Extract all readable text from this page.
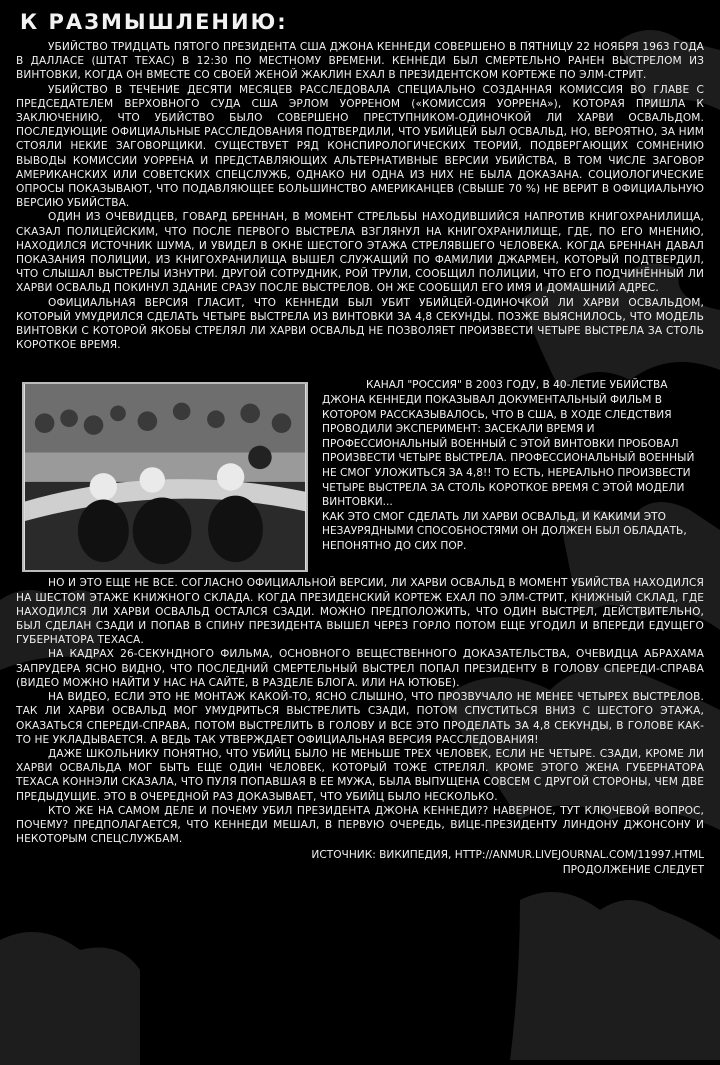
К РАЗМЫШЛЕНИЮ:

УБИЙСТВО ТРИДЦАТЬ ПЯТОГО ПРЕЗИДЕНТА США ДЖОНА КЕННЕДИ СОВЕРШЕНО В ПЯТНИЦУ 22 НОЯБРЯ 1963 ГОДА В ДАЛЛАСЕ (ШТАТ ТЕХАС) В 12:30 ПО МЕСТНОМУ ВРЕМЕНИ. КЕННЕДИ БЫЛ СМЕРТЕЛЬНО РАНЕН ВЫСТРЕЛОМ ИЗ ВИНТОВКИ, КОГДА ОН ВМЕСТЕ СО СВОЕЙ ЖЕНОЙ ЖАКЛИН ЕХАЛ В ПРЕЗИДЕНТСКОМ КОРТЕЖЕ ПО ЭЛМ-СТРИТ.

УБИЙСТВО В ТЕЧЕНИЕ ДЕСЯТИ МЕСЯЦЕВ РАССЛЕДОВАЛА СПЕЦИАЛЬНО СОЗДАННАЯ КОМИССИЯ ВО ГЛАВЕ С ПРЕДСЕДАТЕЛЕМ ВЕРХОВНОГО СУДА США ЭРЛОМ УОРРЕНОМ («КОМИССИЯ УОРРЕНА»), КОТОРАЯ ПРИШЛА К ЗАКЛЮЧЕНИЮ, ЧТО УБИЙСТВО БЫЛО СОВЕРШЕНО ПРЕСТУПНИКОМ-ОДИНОЧКОЙ ЛИ ХАРВИ ОСВАЛЬДОМ. ПОСЛЕДУЮЩИЕ ОФИЦИАЛЬНЫЕ РАССЛЕДОВАНИЯ ПОДТВЕРДИЛИ, ЧТО УБИЙЦЕЙ БЫЛ ОСВАЛЬД, НО, ВЕРОЯТНО, ЗА НИМ СТОЯЛИ НЕКИЕ ЗАГОВОРЩИКИ. СУЩЕСТВУЕТ РЯД КОНСПИРОЛОГИЧЕСКИХ ТЕОРИЙ, ПОДВЕРГАЮЩИХ СОМНЕНИЮ ВЫВОДЫ КОМИССИИ УОРРЕНА И ПРЕДСТАВЛЯЮЩИХ АЛЬТЕРНАТИВНЫЕ ВЕРСИИ УБИЙСТВА, В ТОМ ЧИСЛЕ ЗАГОВОР АМЕРИКАНСКИХ ИЛИ СОВЕТСКИХ СПЕЦСЛУЖБ, ОДНАКО НИ ОДНА ИЗ НИХ НЕ БЫЛА ДОКАЗАНА. СОЦИОЛОГИЧЕСКИЕ ОПРОСЫ ПОКАЗЫВАЮТ, ЧТО ПОДАВЛЯЮЩЕЕ БОЛЬШИНСТВО АМЕРИКАНЦЕВ (СВЫШЕ 70 %) НЕ ВЕРИТ В ОФИЦИАЛЬНУЮ ВЕРСИЮ УБИЙСТВА.

ОДИН ИЗ ОЧЕВИДЦЕВ, ГОВАРД БРЕННАН, В МОМЕНТ СТРЕЛЬБЫ НАХОДИВШИЙСЯ НАПРОТИВ КНИГОХРАНИЛИЩА, СКАЗАЛ ПОЛИЦЕЙСКИМ, ЧТО ПОСЛЕ ПЕРВОГО ВЫСТРЕЛА ВЗГЛЯНУЛ НА КНИГОХРАНИЛИЩЕ, ГДЕ, ПО ЕГО МНЕНИЮ, НАХОДИЛСЯ ИСТОЧНИК ШУМА, И УВИДЕЛ В ОКНЕ ШЕСТОГО ЭТАЖА СТРЕЛЯВШЕГО ЧЕЛОВЕКА. КОГДА БРЕННАН ДАВАЛ ПОКАЗАНИЯ ПОЛИЦИИ, ИЗ КНИГОХРАНИЛИЩА ВЫШЕЛ СЛУЖАЩИЙ ПО ФАМИЛИИ ДЖАРМЕН, КОТОРЫЙ ПОДТВЕРДИЛ, ЧТО СЛЫШАЛ ВЫСТРЕЛЫ ИЗНУТРИ. ДРУГОЙ СОТРУДНИК, РОЙ ТРУЛИ, СООБЩИЛ ПОЛИЦИИ, ЧТО ЕГО ПОДЧИНЁННЫЙ ЛИ ХАРВИ ОСВАЛЬД ПОКИНУЛ ЗДАНИЕ СРАЗУ ПОСЛЕ ВЫСТРЕЛОВ. ОН ЖЕ СООБЩИЛ ЕГО ИМЯ И ДОМАШНИЙ АДРЕС.

ОФИЦИАЛЬНАЯ ВЕРСИЯ ГЛАСИТ, ЧТО КЕННЕДИ БЫЛ УБИТ УБИЙЦЕЙ-ОДИНОЧКОЙ ЛИ ХАРВИ ОСВАЛЬДОМ, КОТОРЫЙ УМУДРИЛСЯ СДЕЛАТЬ ЧЕТЫРЕ ВЫСТРЕЛА ИЗ ВИНТОВКИ ЗА 4,8 СЕКУНДЫ. ПОЗЖЕ ВЫЯСНИЛОСЬ, ЧТО МОДЕЛЬ ВИНТОВКИ С КОТОРОЙ ЯКОБЫ СТРЕЛЯЛ ЛИ ХАРВИ ОСВАЛЬД НЕ ПОЗВОЛЯЕТ ПРОИЗВЕСТИ ЧЕТЫРЕ ВЫСТРЕЛА ЗА СТОЛЬ КОРОТКОЕ ВРЕМЯ.

КАНАЛ "РОССИЯ" В 2003 ГОДУ, В 40-ЛЕТИЕ УБИЙСТВА ДЖОНА КЕННЕДИ ПОКАЗЫВАЛ ДОКУМЕНТАЛЬНЫЙ ФИЛЬМ В КОТОРОМ РАССКАЗЫВАЛОСЬ, ЧТО В США, В ХОДЕ СЛЕДСТВИЯ ПРОВОДИЛИ ЭКСПЕРИМЕНТ: ЗАСЕКАЛИ ВРЕМЯ И ПРОФЕССИОНАЛЬНЫЙ ВОЕННЫЙ С ЭТОЙ ВИНТОВКИ ПРОБОВАЛ ПРОИЗВЕСТИ ЧЕТЫРЕ ВЫСТРЕЛА. ПРОФЕССИОНАЛЬНЫЙ ВОЕННЫЙ НЕ СМОГ УЛОЖИТЬСЯ ЗА 4,8!! ТО ЕСТЬ, НЕРЕАЛЬНО ПРОИЗВЕСТИ ЧЕТЫРЕ ВЫСТРЕЛА ЗА СТОЛЬ КОРОТКОЕ ВРЕМЯ С ЭТОЙ МОДЕЛИ ВИНТОВКИ...

КАК ЭТО СМОГ СДЕЛАТЬ ЛИ ХАРВИ ОСВАЛЬД, И КАКИМИ ЭТО НЕЗАУРЯДНЫМИ СПОСОБНОСТЯМИ ОН ДОЛЖЕН БЫЛ ОБЛАДАТЬ, НЕПОНЯТНО ДО СИХ ПОР.

НО И ЭТО ЕЩЕ НЕ ВСЕ. СОГЛАСНО ОФИЦИАЛЬНОЙ ВЕРСИИ, ЛИ ХАРВИ ОСВАЛЬД В МОМЕНТ УБИЙСТВА НАХОДИЛСЯ НА ШЕСТОМ ЭТАЖЕ КНИЖНОГО СКЛАДА. КОГДА ПРЕЗИДЕНСКИЙ КОРТЕЖ ЕХАЛ ПО ЭЛМ-СТРИТ, КНИЖНЫЙ СКЛАД, ГДЕ НАХОДИЛСЯ ЛИ ХАРВИ ОСВАЛЬД ОСТАЛСЯ СЗАДИ. МОЖНО ПРЕДПОЛОЖИТЬ, ЧТО ОДИН ВЫСТРЕЛ, ДЕЙСТВИТЕЛЬНО, БЫЛ СДЕЛАН СЗАДИ И ПОПАВ В СПИНУ ПРЕЗИДЕНТА ВЫШЕЛ ЧЕРЕЗ ГОРЛО ПОТОМ ЕЩЕ УГОДИЛ И ВПЕРЕДИ ЕДУЩЕГО ГУБЕРНАТОРА ТЕХАСА.

НА КАДРАХ 26-СЕКУНДНОГО ФИЛЬМА, ОСНОВНОГО ВЕЩЕСТВЕННОГО ДОКАЗАТЕЛЬСТВА, ОЧЕВИДЦА АБРАХАМА ЗАПРУДЕРА ЯСНО ВИДНО, ЧТО ПОСЛЕДНИЙ СМЕРТЕЛЬНЫЙ ВЫСТРЕЛ ПОПАЛ ПРЕЗИДЕНТУ В ГОЛОВУ СПЕРЕДИ-СПРАВА (ВИДЕО МОЖНО НАЙТИ У НАС НА САЙТЕ, В РАЗДЕЛЕ БЛОГА. ИЛИ НА ЮТЮБЕ).

НА ВИДЕО, ЕСЛИ ЭТО НЕ МОНТАЖ КАКОЙ-ТО, ЯСНО СЛЫШНО, ЧТО ПРОЗВУЧАЛО НЕ МЕНЕЕ ЧЕТЫРЕХ ВЫСТРЕЛОВ. ТАК ЛИ ХАРВИ ОСВАЛЬД МОГ УМУДРИТЬСЯ ВЫСТРЕЛИТЬ СЗАДИ, ПОТОМ СПУСТИТЬСЯ ВНИЗ С ШЕСТОГО ЭТАЖА, ОКАЗАТЬСЯ СПЕРЕДИ-СПРАВА, ПОТОМ ВЫСТРЕЛИТЬ В ГОЛОВУ И ВСЕ ЭТО ПРОДЕЛАТЬ ЗА 4,8 СЕКУНДЫ, В ГОЛОВЕ КАК-ТО НЕ УКЛАДЫВАЕТСЯ. А ВЕДЬ ТАК УТВЕРЖДАЕТ ОФИЦИАЛЬНАЯ ВЕРСИЯ РАССЛЕДОВАНИЯ!

ДАЖЕ ШКОЛЬНИКУ ПОНЯТНО, ЧТО УБИЙЦ БЫЛО НЕ МЕНЬШЕ ТРЕХ ЧЕЛОВЕК, ЕСЛИ НЕ ЧЕТЫРЕ. СЗАДИ, КРОМЕ ЛИ ХАРВИ ОСВАЛЬДА МОГ БЫТЬ ЕЩЕ ОДИН ЧЕЛОВЕК, КОТОРЫЙ ТОЖЕ СТРЕЛЯЛ. КРОМЕ ЭТОГО ЖЕНА ГУБЕРНАТОРА ТЕХАСА КОННЭЛИ СКАЗАЛА, ЧТО ПУЛЯ ПОПАВШАЯ В ЕЕ МУЖА, БЫЛА ВЫПУЩЕНА СОВСЕМ С ДРУГОЙ СТОРОНЫ, ЧЕМ ДВЕ ПРЕДЫДУЩИЕ. ЭТО В ОЧЕРЕДНОЙ РАЗ ДОКАЗЫВАЕТ, ЧТО УБИЙЦ БЫЛО НЕСКОЛЬКО.

КТО ЖЕ НА САМОМ ДЕЛЕ И ПОЧЕМУ УБИЛ ПРЕЗИДЕНТА ДЖОНА КЕННЕДИ?? НАВЕРНОЕ, ТУТ КЛЮЧЕВОЙ ВОПРОС, ПОЧЕМУ? ПРЕДПОЛАГАЕТСЯ, ЧТО КЕННЕДИ МЕШАЛ, В ПЕРВУЮ ОЧЕРЕДЬ, ВИЦЕ-ПРЕЗИДЕНТУ ЛИНДОНУ ДЖОНСОНУ И НЕКОТОРЫМ СПЕЦСЛУЖБАМ.

ИСТОЧНИК: ВИКИПЕДИЯ, HTTP://ANMUR.LIVEJOURNAL.COM/11997.HTML
ПРОДОЛЖЕНИЕ СЛЕДУЕТ
